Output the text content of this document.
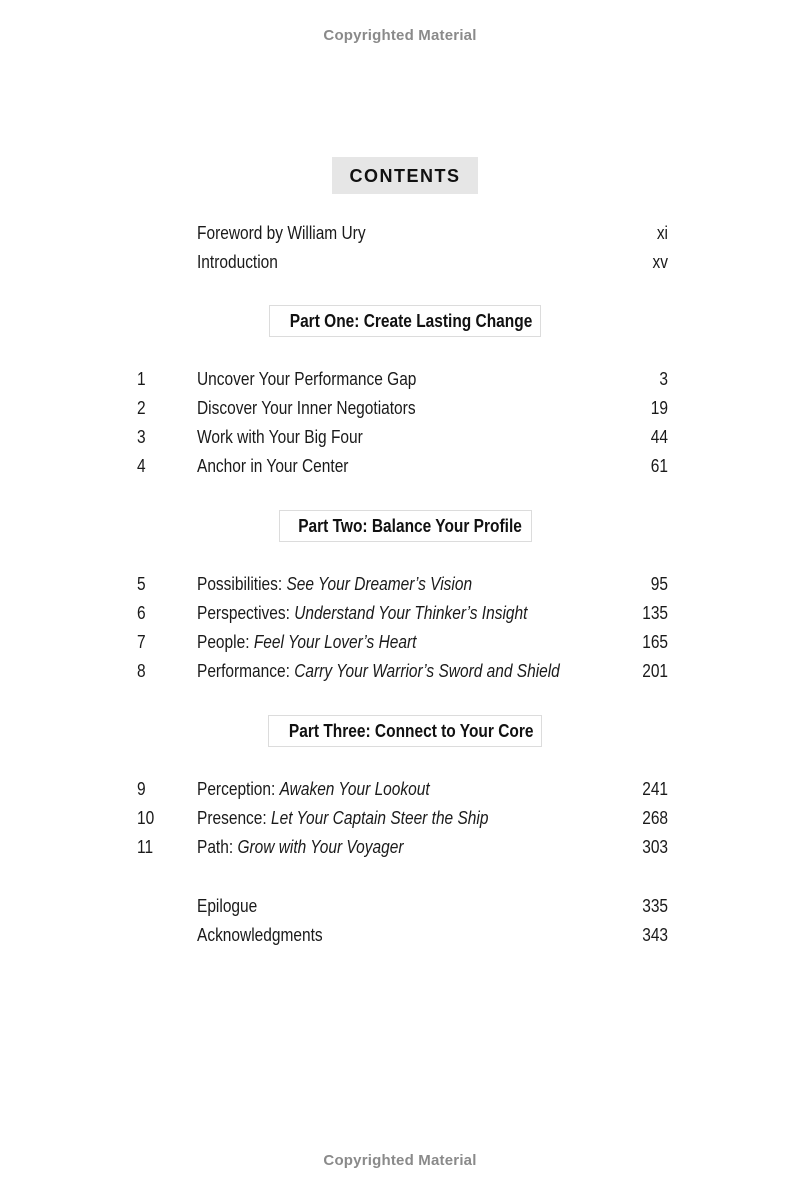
Copyrighted Material
CONTENTS
Foreword by William Ury	xi
Introduction	xv
Part One: Create Lasting Change
1	Uncover Your Performance Gap	3
2	Discover Your Inner Negotiators	19
3	Work with Your Big Four	44
4	Anchor in Your Center	61
Part Two: Balance Your Profile
5	Possibilities: See Your Dreamer’s Vision	95
6	Perspectives: Understand Your Thinker’s Insight	135
7	People: Feel Your Lover’s Heart	165
8	Performance: Carry Your Warrior’s Sword and Shield	201
Part Three: Connect to Your Core
9	Perception: Awaken Your Lookout	241
10 Presence: Let Your Captain Steer the Ship	268
11 Path: Grow with Your Voyager	303
Epilogue	335
Acknowledgments	343
Copyrighted Material
